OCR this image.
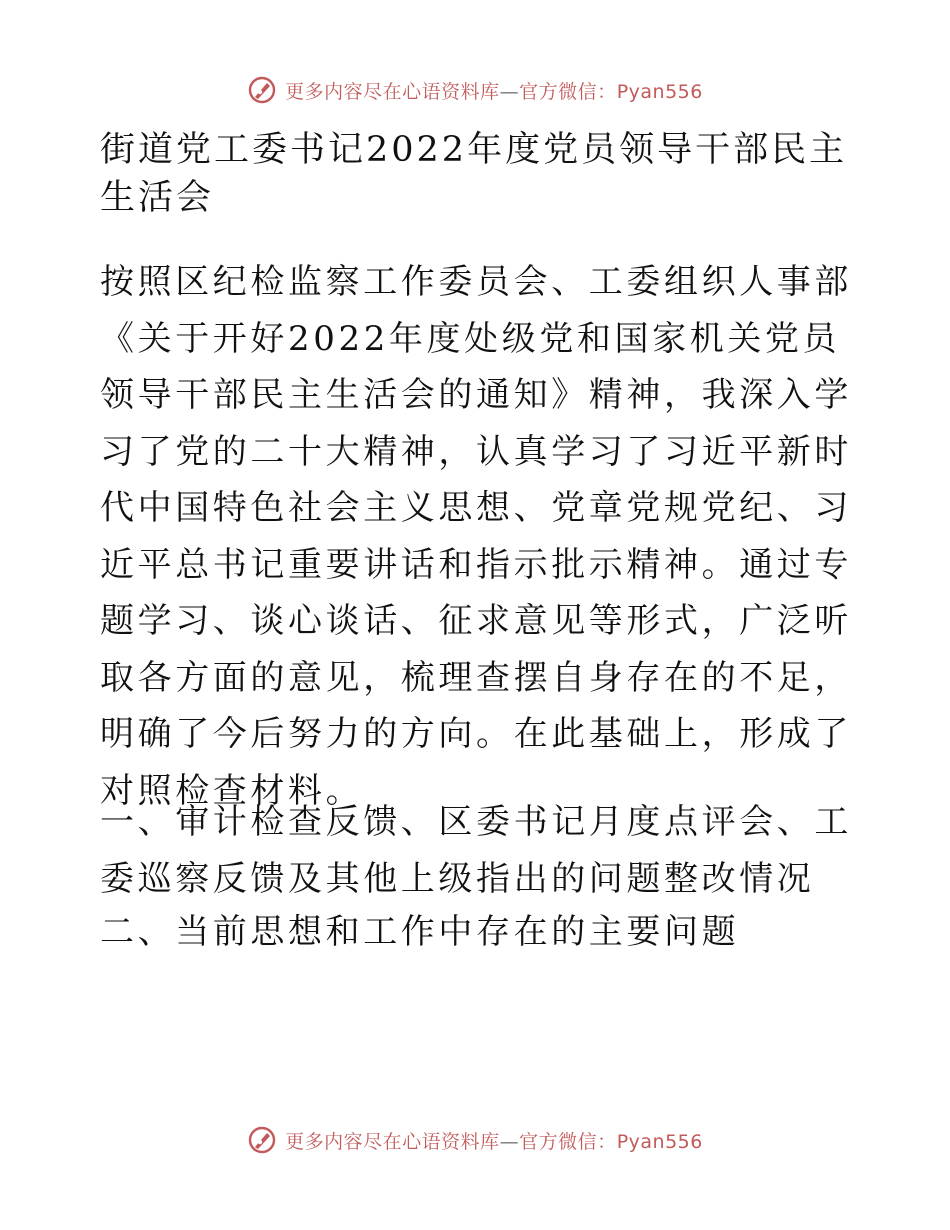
更多内容尽在心语资料库—官方微信：Pyan556
街道党工委书记2022年度党员领导干部民主生活会

按照区纪检监察工作委员会、工委组织人事部《关于开好2022年度处级党和国家机关党员领导干部民主生活会的通知》精神，我深入学习了党的二十大精神，认真学习了习近平新时代中国特色社会主义思想、党章党规党纪、习近平总书记重要讲话和指示批示精神。通过专题学习、谈心谈话、征求意见等形式，广泛听取各方面的意见，梳理查摆自身存在的不足，明确了今后努力的方向。在此基础上，形成了对照检查材料。

一、审计检查反馈、区委书记月度点评会、工委巡察反馈及其他上级指出的问题整改情况

二、当前思想和工作中存在的主要问题

更多内容尽在心语资料库—官方微信：Pyan556
